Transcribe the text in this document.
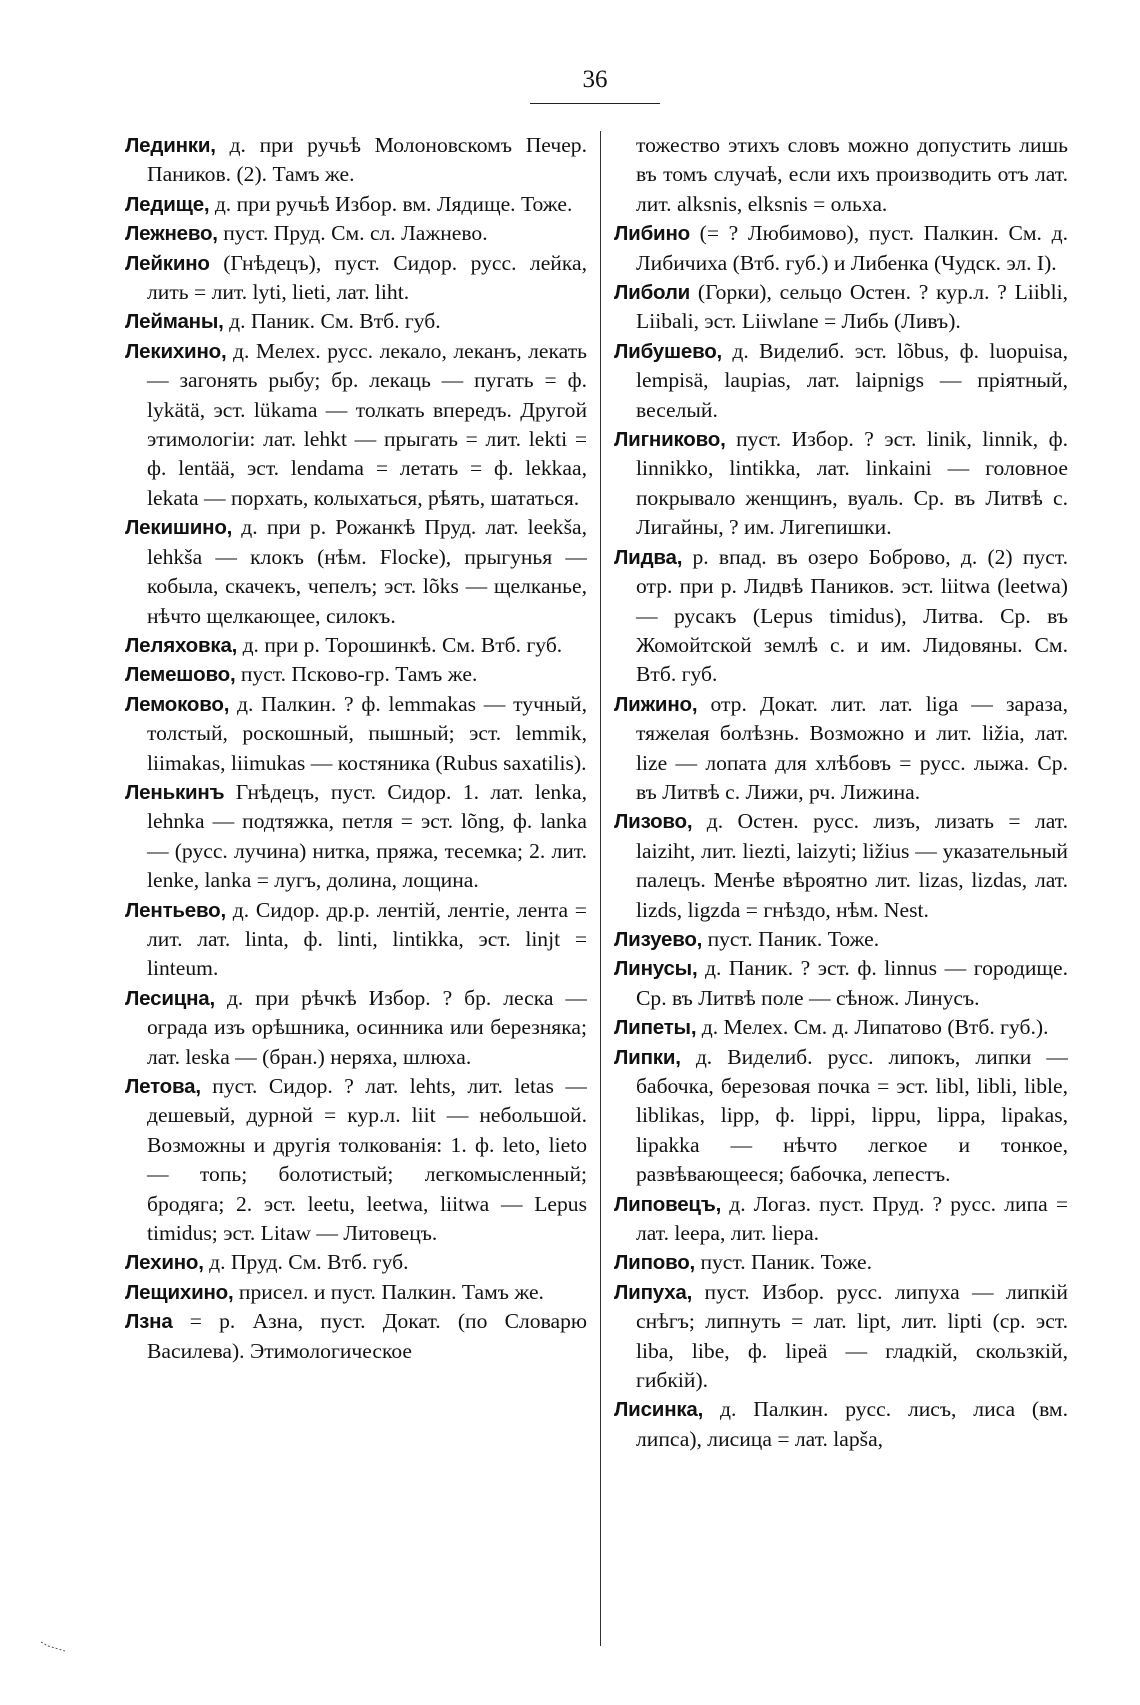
36

Лединки, д. при ручьѣ Молоновскомъ Печер. Паников. (2). Тамъ же.

Ледище, д. при ручьѣ Избор. вм. Лядище. Тоже.

Лежнево, пуст. Пруд. См. сл. Лажнево.

Лейкино (Гнѣдецъ), пуст. Сидор. русс. лейка, лить = лит. lyti, lieti, лат. liht.

Лейманы, д. Паник. См. Втб. губ.

Лекихино, д. Мелех. русс. лекало, леканъ, лекать — загонять рыбу; бр. лекаць — пугать = ф. lykätä, эст. lükama — толкать впередъ. Другой этимологіи: лат. lehkt — прыгать = лит. lekti = ф. lentää, эст. lendama = летать = ф. lekkaa, lekata — порхать, колыхаться, рѣять, шататься.

Лекишино, д. при р. Рожанкѣ Пруд. лат. leekša, lehkša — клокъ (нѣм. Flocke), прыгунья — кобыла, скачекъ, чепелъ; эст. lõks — щелканье, нѣчто щелкающее, силокъ.

Леляховка, д. при р. Торошинкѣ. См. Втб. губ.

Лемешово, пуст. Псково-гр. Тамъ же.

Лемоково, д. Палкин. ? ф. lemmakas — тучный, толстый, роскошный, пышный; эст. lemmik, liimakas, liimukas — костяника (Rubus saxatilis).

Ленькинъ Гнѣдецъ, пуст. Сидор. 1. лат. lenka, lehnka — подтяжка, петля = эст. lõng, ф. lanka — (русс. лучина) нитка, пряжа, тесемка; 2. лит. lenke, lanka = лугъ, долина, лощина.

Лентьево, д. Сидор. др.р. лентій, лентіе, лента = лит. лат. linta, ф. linti, lintikka, эст. linjt = linteum.

Лесицна, д. при рѣчкѣ Избор. ? бр. леска — ограда изъ орѣшника, осинника или березняка; лат. leska — (бран.) неряха, шлюха.

Летова, пуст. Сидор. ? лат. lehts, лит. letas — дешевый, дурной = кур.л. liit — небольшой. Возможны и другія толкованія: 1. ф. leto, lieto — топь; болотистый; легкомысленный; бродяга; 2. эст. leetu, leetwa, liitwa — Lepus timidus; эст. Litaw — Литовецъ.

Лехино, д. Пруд. См. Втб. губ.

Лещихино, присел. и пуст. Палкин. Тамъ же.

Лзна = р. Азна, пуст. Докат. (по Словарю Василева). Этимологическое

тожество этихъ словъ можно допустить лишь въ томъ случаѣ, если ихъ производить отъ лат. лит. alksnis, elksnis = ольха.

Либино (= ? Любимово), пуст. Палкин. См. д. Либичиха (Втб. губ.) и Либенка (Чудск. эл. I).

Либоли (Горки), сельцо Остен. ? кур.л. ? Liibli, Liibali, эст. Liiwlane = Либь (Ливъ).

Либушево, д. Виделиб. эст. lõbus, ф. luopuisa, lempisä, laupias, лат. laipnigs — пріятный, веселый.

Лигниково, пуст. Избор. ? эст. linik, linnik, ф. linnikko, lintikka, лат. linkaini — головное покрывало женщинъ, вуаль. Ср. въ Литвѣ с. Лигайны, ? им. Лигепишки.

Лидва, р. впад. въ озеро Боброво, д. (2) пуст. отр. при р. Лидвѣ Паников. эст. liitwa (leetwa) — русакъ (Lepus timidus), Литва. Ср. въ Жомойтской землѣ с. и им. Лидовяны. См. Втб. губ.

Лижино, отр. Докат. лит. лат. liga — зараза, тяжелая болѣзнь. Возможно и лит. ližia, лат. lize — лопата для хлѣбовъ = русс. лыжа. Ср. въ Литвѣ с. Лижи, рч. Лижина.

Лизово, д. Остен. русс. лизъ, лизать = лат. laiziht, лит. liezti, laizyti; ližius — указательный палецъ. Менѣе вѣроятно лит. lizas, lizdas, лат. lizds, ligzda = гнѣздо, нѣм. Nest.

Лизуево, пуст. Паник. Тоже.

Линусы, д. Паник. ? эст. ф. linnus — городище. Ср. въ Литвѣ поле — сѣнож. Линусъ.

Липеты, д. Мелех. См. д. Липатово (Втб. губ.).

Липки, д. Виделиб. русс. липокъ, липки — бабочка, березовая почка = эст. libl, libli, lible, liblikas, lipp, ф. lippi, lippu, lippa, lipakas, lipakka — нѣчто легкое и тонкое, развѣвающееся; бабочка, лепестъ.

Липовецъ, д. Логаз. пуст. Пруд. ? русс. липа = лат. leepa, лит. liepa.

Липово, пуст. Паник. Тоже.

Липуха, пуст. Избор. русс. липуха — липкій снѣгъ; липнуть = лат. lipt, лит. lipti (ср. эст. liba, libe, ф. lipeä — гладкій, скользкій, гибкій).

Лисинка, д. Палкин. русс. лисъ, лиса (вм. липса), лисица = лат. lapša,
